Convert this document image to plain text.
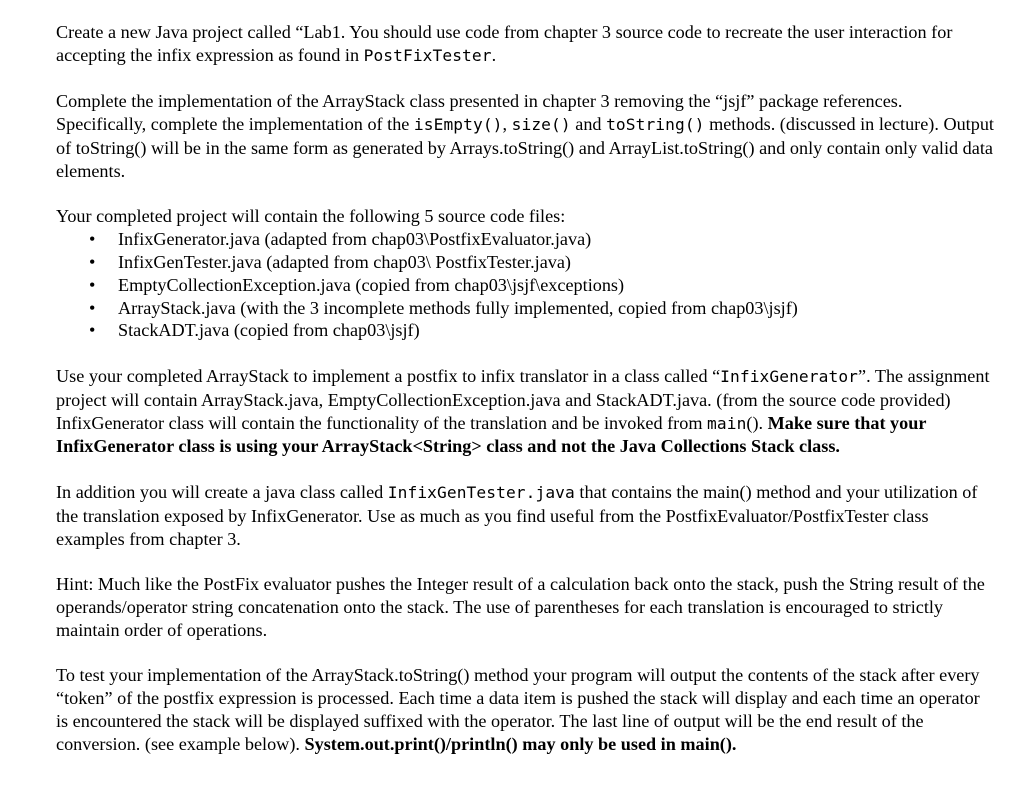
Create a new Java project called “Lab1. You should use code from chapter 3 source code to recreate the user interaction for accepting the infix expression as found in PostFixTester.

Complete the implementation of the ArrayStack class presented in chapter 3 removing the “jsjf” package references. Specifically, complete the implementation of the isEmpty(), size() and toString() methods. (discussed in lecture). Output of toString() will be in the same form as generated by Arrays.toString() and ArrayList.toString() and only contain only valid data elements.

Your completed project will contain the following 5 source code files:

• InfixGenerator.java (adapted from chap03\PostfixEvaluator.java)
• InfixGenTester.java (adapted from chap03\ PostfixTester.java)
• EmptyCollectionException.java (copied from chap03\jsjf\exceptions)
• ArrayStack.java (with the 3 incomplete methods fully implemented, copied from chap03\jsjf)
• StackADT.java (copied from chap03\jsjf)

Use your completed ArrayStack to implement a postfix to infix translator in a class called “InfixGenerator”. The assignment project will contain ArrayStack.java, EmptyCollectionException.java and StackADT.java. (from the source code provided) InfixGenerator class will contain the functionality of the translation and be invoked from main(). Make sure that your InfixGenerator class is using your ArrayStack<String> class and not the Java Collections Stack class.

In addition you will create a java class called InfixGenTester.java that contains the main() method and your utilization of the translation exposed by InfixGenerator. Use as much as you find useful from the PostfixEvaluator/PostfixTester class examples from chapter 3.

Hint: Much like the PostFix evaluator pushes the Integer result of a calculation back onto the stack, push the String result of the operands/operator string concatenation onto the stack. The use of parentheses for each translation is encouraged to strictly maintain order of operations.

To test your implementation of the ArrayStack.toString() method your program will output the contents of the stack after every “token” of the postfix expression is processed. Each time a data item is pushed the stack will display and each time an operator is encountered the stack will be displayed suffixed with the operator. The last line of output will be the end result of the conversion. (see example below). System.out.print()/println() may only be used in main().
